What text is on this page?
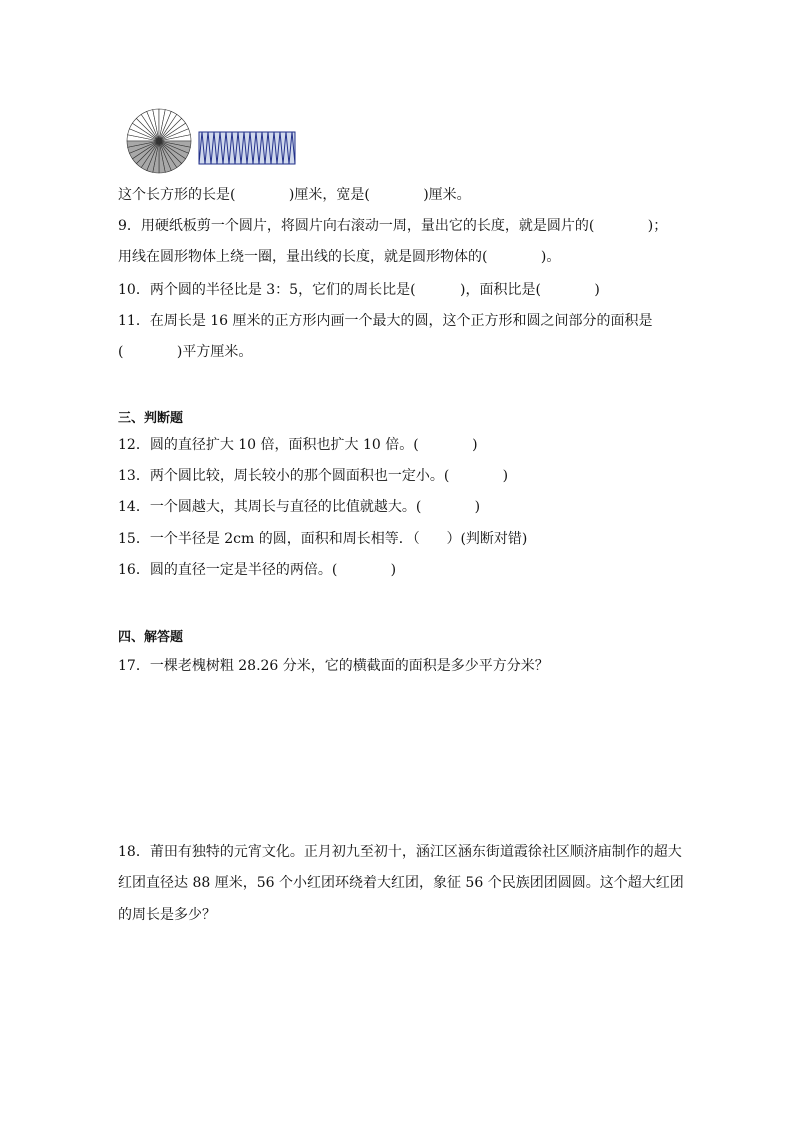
这个长方形的长是(            )厘米，宽是(            )厘米。
9．用硬纸板剪一个圆片，将圆片向右滚动一周，量出它的长度，就是圆片的(            )；
用线在圆形物体上绕一圈，量出线的长度，就是圆形物体的(            )。
10．两个圆的半径比是 3：5，它们的周长比是(          )，面积比是(            )
11．在周长是 16 厘米的正方形内画一个最大的圆，这个正方形和圆之间部分的面积是
(            )平方厘米。
三、判断题
12．圆的直径扩大 10 倍，面积也扩大 10 倍。(            )
13．两个圆比较，周长较小的那个圆面积也一定小。(            )
14．一个圆越大，其周长与直径的比值就越大。(            )
15．一个半径是 2cm 的圆，面积和周长相等．（      ）(判断对错)
16．圆的直径一定是半径的两倍。(            )
四、解答题
17．一棵老槐树粗 28.26 分米，它的横截面的面积是多少平方分米？
18．莆田有独特的元宵文化。正月初九至初十，涵江区涵东街道霞徐社区顺济庙制作的超大
红团直径达 88 厘米，56 个小红团环绕着大红团，象征 56 个民族团团圆圆。这个超大红团
的周长是多少？
